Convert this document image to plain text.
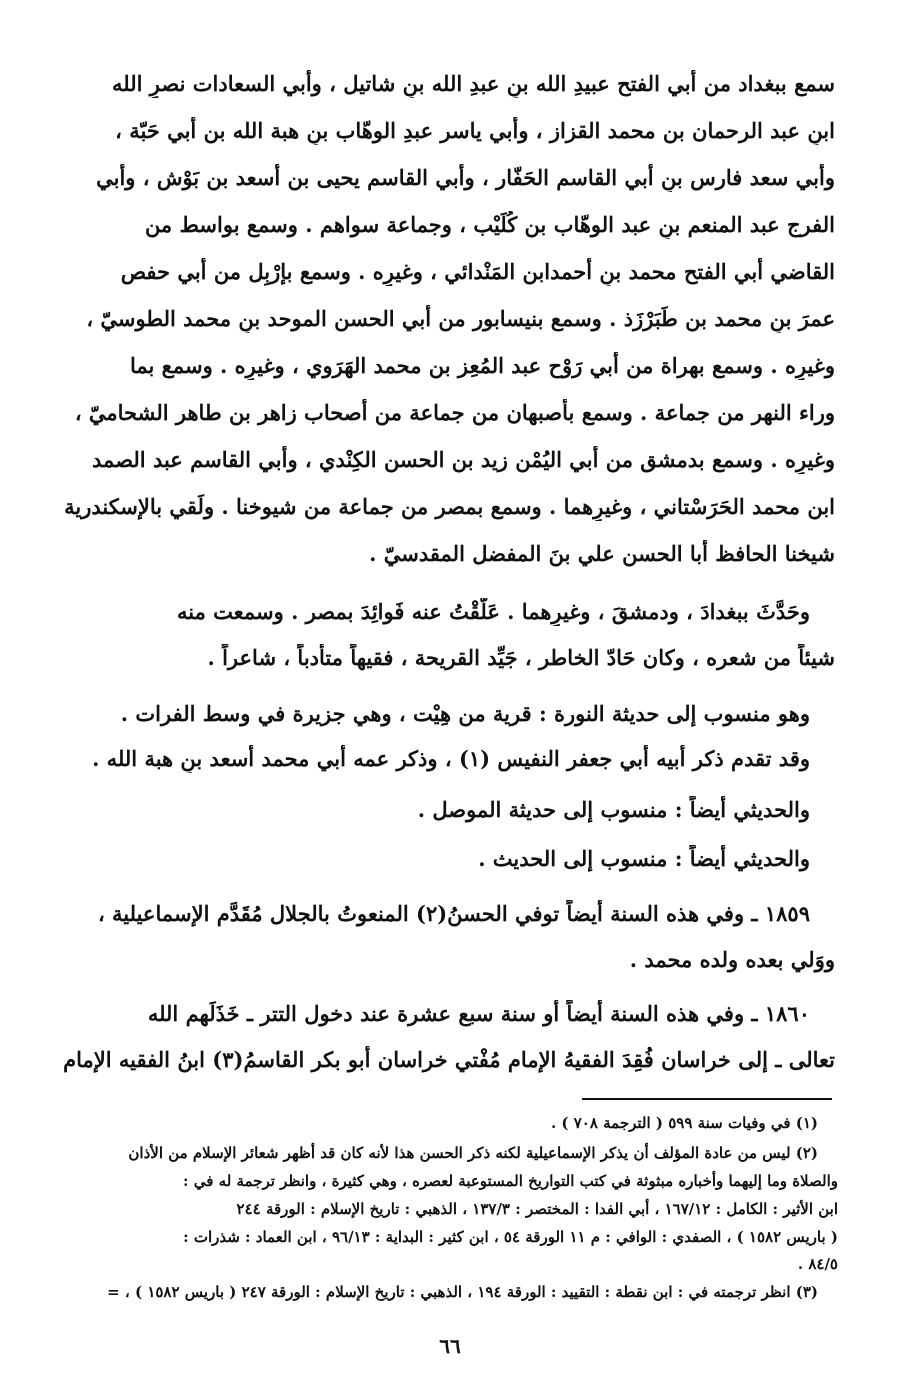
سمع ببغداد من أبي الفتح عبيدِ الله بنِ عبدِ الله بنِ شاتيل ، وأبي السعادات نصرِ الله
ابنِ عبد الرحمان بن محمد القزاز ، وأبي ياسر عبدِ الوهّاب بنِ هبة الله بن أبي حَبّة ،
وأبي سعد فارس بنِ أبي القاسم الحَفّار ، وأبي القاسم يحيى بن أسعد بن بَوْش ، وأبي
الفرج عبد المنعم بنِ عبد الوهّاب بن كُلَيْب ، وجماعة سواهم . وسمع بواسط من
القاضي أبي الفتح محمد بنِ أحمدابن المَنْدائي ، وغيرِه . وسمع بإرْبِل من أبي حفص
عمرَ بنِ محمد بن طَبَرْزَذ . وسمع بنيسابور من أبي الحسن الموحد بنِ محمد الطوسيّ ،
وغيرِه . وسمع بهراة من أبي رَوْح عبد المُعِز بن محمد الهَرَوي ، وغيرِه . وسمع بما
وراء النهر من جماعة . وسمع بأصبهان من جماعة من أصحاب زاهر بن طاهر الشحاميّ ،
وغيرِه . وسمع بدمشق من أبي اليُمْن زيد بن الحسن الكِنْدي ، وأبي القاسم عبد الصمد
ابن محمد الحَرَسْتاني ، وغيرِهما . وسمع بمصر من جماعة من شيوخنا . ولَقي بالإسكندرية
شيخنا الحافظ أبا الحسن علي بنَ المفضل المقدسيّ .
وحَدَّثَ ببغدادَ ، ودمشقَ ، وغيرِهما . عَلَّقْتُ عنه فَوائِدَ بمصر . وسمعت منه
شيئاً من شعره ، وكان حَادّ الخاطر ، جَيِّد القريحة ، فقيهاً متأدباً ، شاعراً .
وهو منسوب إلى حديثة النورة : قرية من هِيْت ، وهي جزيرة في وسط الفرات .
وقد تقدم ذكر أبيه أبي جعفر النفيس (١) ، وذكر عمه أبي محمد أسعد بنِ هبة الله .
والحديثي أيضاً : منسوب إلى حديثة الموصل .
والحديثي أيضاً : منسوب إلى الحديث .
١٨٥٩ ـ وفي هذه السنة أيضاً توفي الحسنُ(٢) المنعوتُ بالجلال مُقَدَّم الإسماعيلية ،
ووَلي بعده ولده محمد .
١٨٦٠ ـ وفي هذه السنة أيضاً أو سنة سبع عشرة عند دخول التتر ـ خَذَلَهم الله
تعالى ـ إلى خراسان فُقِدَ الفقيهُ الإمام مُفْتي خراسان أبو بكر القاسمُ(٣) ابنُ الفقيه الإمام
(١) في وفيات سنة ٥٩٩ ( الترجمة ٧٠٨ ) .
(٢) ليس من عادة المؤلف أن يذكر الإسماعيلية لكنه ذكر الحسن هذا لأنه كان قد أظهر شعائر الإسلام من الأذان
والصلاة وما إليهما وأخباره مبثوثة في كتب التواريخ المستوعبة لعصره ، وهي كثيرة ، وانظر ترجمة له في :
ابن الأثير : الكامل : ١٦٧/١٢ ، أبي الفدا : المختصر : ١٣٧/٣ ، الذهبي : تاريخ الإسلام : الورقة ٢٤٤
( باريس ١٥٨٢ ) ، الصفدي : الوافي : م ١١ الورقة ٥٤ ، ابن كثير : البداية : ٩٦/١٣ ، ابن العماد : شذرات :
٨٤/٥ .
(٣) انظر ترجمته في : ابن نقطة : التقييد : الورقة ١٩٤ ، الذهبي : تاريخ الإسلام : الورقة ٢٤٧ ( باريس ١٥٨٢ ) ، =
٦٦
